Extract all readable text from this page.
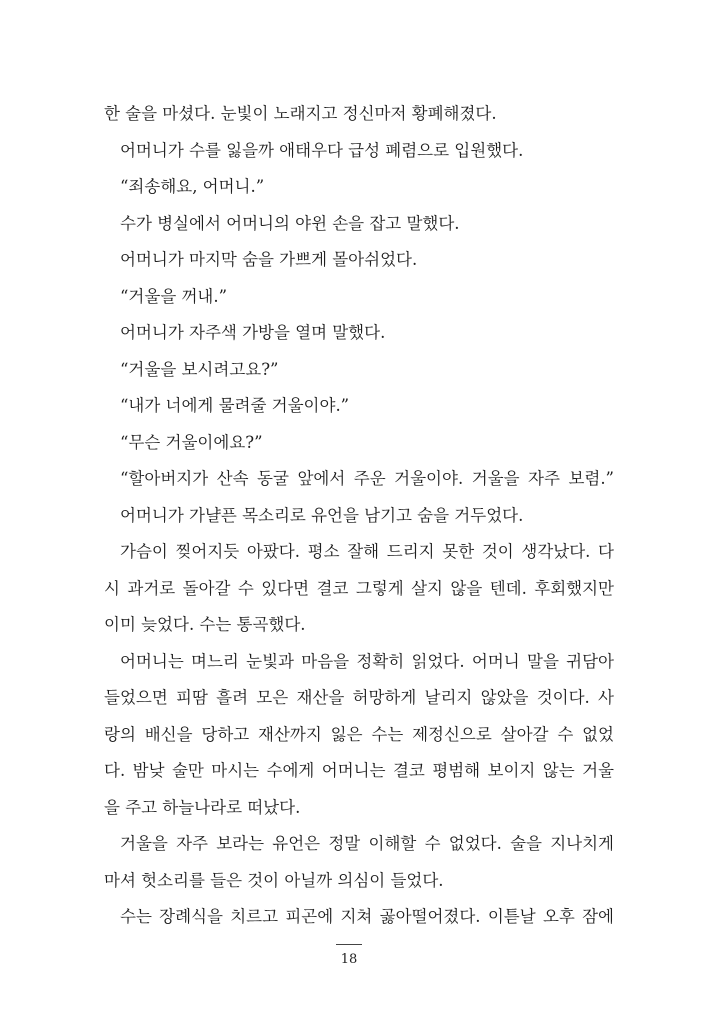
한 술을 마셨다. 눈빛이 노래지고 정신마저 황폐해졌다.
어머니가 수를 잃을까 애태우다 급성 폐렴으로 입원했다.
“죄송해요, 어머니.”
수가 병실에서 어머니의 야윈 손을 잡고 말했다.
어머니가 마지막 숨을 가쁘게 몰아쉬었다.
“거울을 꺼내.”
어머니가 자주색 가방을 열며 말했다.
“거울을 보시려고요?”
“내가 너에게 물려줄 거울이야.”
“무슨 거울이에요?”
“할아버지가 산속 동굴 앞에서 주운 거울이야. 거울을 자주 보렴.”
어머니가 가냘픈 목소리로 유언을 남기고 숨을 거두었다.
가슴이 찢어지듯 아팠다. 평소 잘해 드리지 못한 것이 생각났다. 다
시 과거로 돌아갈 수 있다면 결코 그렇게 살지 않을 텐데. 후회했지만
이미 늦었다. 수는 통곡했다.
어머니는 며느리 눈빛과 마음을 정확히 읽었다. 어머니 말을 귀담아
들었으면 피땀 흘려 모은 재산을 허망하게 날리지 않았을 것이다. 사
랑의 배신을 당하고 재산까지 잃은 수는 제정신으로 살아갈 수 없었
다. 밤낮 술만 마시는 수에게 어머니는 결코 평범해 보이지 않는 거울
을 주고 하늘나라로 떠났다.
거울을 자주 보라는 유언은 정말 이해할 수 없었다. 술을 지나치게
마셔 헛소리를 들은 것이 아닐까 의심이 들었다.
수는 장례식을 치르고 피곤에 지쳐 곯아떨어졌다. 이튿날 오후 잠에
18
